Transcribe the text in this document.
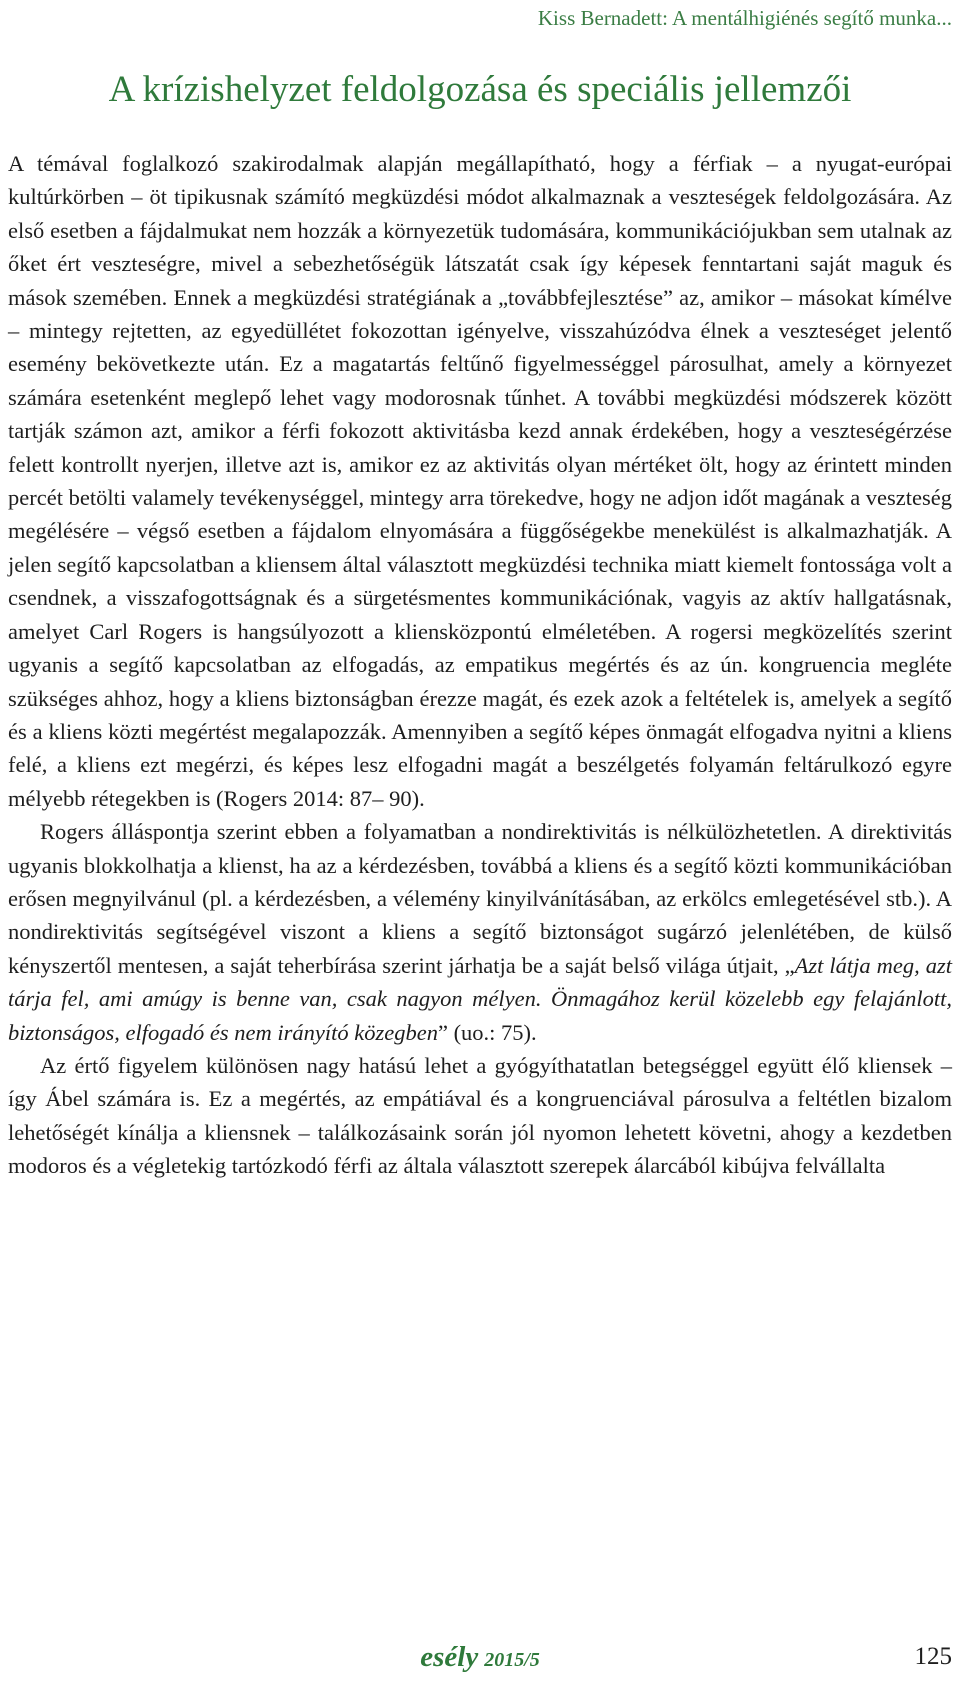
Kiss Bernadett: A mentálhigiénés segítő munka...
A krízishelyzet feldolgozása és speciális jellemzői

A témával foglalkozó szakirodalmak alapján megállapítható, hogy a férfiak – a nyugat-európai kultúrkörben – öt tipikusnak számító megküzdési módot alkalmaznak a veszteségek feldolgozására. Az első esetben a fájdalmukat nem hozzák a környezetük tudomására, kommunikációjukban sem utalnak az őket ért veszteségre, mivel a sebezhetőségük látszatát csak így képesek fenntartani saját maguk és mások szemében. Ennek a megküzdési stratégiának a „továbbfejlesztése” az, amikor – másokat kímélve – mintegy rejtetten, az egyedüllétet fokozottan igényelve, visszahúzódva élnek a veszteséget jelentő esemény bekövetkezte után. Ez a magatartás feltűnő figyelmességgel párosulhat, amely a környezet számára esetenként meglepő lehet vagy modorosnak tűnhet. A további megküzdési módszerek között tartják számon azt, amikor a férfi fokozott aktivitásba kezd annak érdekében, hogy a veszteségérzése felett kontrollt nyerjen, illetve azt is, amikor ez az aktivitás olyan mértéket ölt, hogy az érintett minden percét betölti valamely tevékenységgel, mintegy arra törekedve, hogy ne adjon időt magának a veszteség megélésére – végső esetben a fájdalom elnyomására a függőségekbe menekülést is alkalmazhatják. A jelen segítő kapcsolatban a kliensem által választott megküzdési technika miatt kiemelt fontossága volt a csendnek, a visszafogottságnak és a sürgetésmentes kommunikációnak, vagyis az aktív hallgatásnak, amelyet Carl Rogers is hangsúlyozott a kliensközpontú elméletében. A rogersi megközelítés szerint ugyanis a segítő kapcsolatban az elfogadás, az empatikus megértés és az ún. kongruencia megléte szükséges ahhoz, hogy a kliens biztonságban érezze magát, és ezek azok a feltételek is, amelyek a segítő és a kliens közti megértést megalapozzák. Amennyiben a segítő képes önmagát elfogadva nyitni a kliens felé, a kliens ezt megérzi, és képes lesz elfogadni magát a beszélgetés folyamán feltárulkozó egyre mélyebb rétegekben is (Rogers 2014: 87– 90).

Rogers álláspontja szerint ebben a folyamatban a nondirektivitás is nélkülözhetetlen. A direktivitás ugyanis blokkolhatja a klienst, ha az a kérdezésben, továbbá a kliens és a segítő közti kommunikációban erősen megnyilvánul (pl. a kérdezésben, a vélemény kinyilvánításában, az erkölcs emlegetésével stb.). A nondirektivitás segítségével viszont a kliens a segítő biztonságot sugárzó jelenlétében, de külső kényszertől mentesen, a saját teherbírása szerint járhatja be a saját belső világa útjait, „Azt látja meg, azt tárja fel, ami amúgy is benne van, csak nagyon mélyen. Önmagához kerül közelebb egy felajánlott, biztonságos, elfogadó és nem irányító közegben” (uo.: 75).

Az értő figyelem különösen nagy hatású lehet a gyógyíthatatlan betegséggel együtt élő kliensek – így Ábel számára is. Ez a megértés, az empátiával és a kongruenciával párosulva a feltétlen bizalom lehetőségét kínálja a kliensnek – találkozásaink során jól nyomon lehetett követni, ahogy a kezdetben modoros és a végletekig tartózkodó férfi az általa választott szerepek álarcából kibújva felvállalta

esély 2015/5	125
